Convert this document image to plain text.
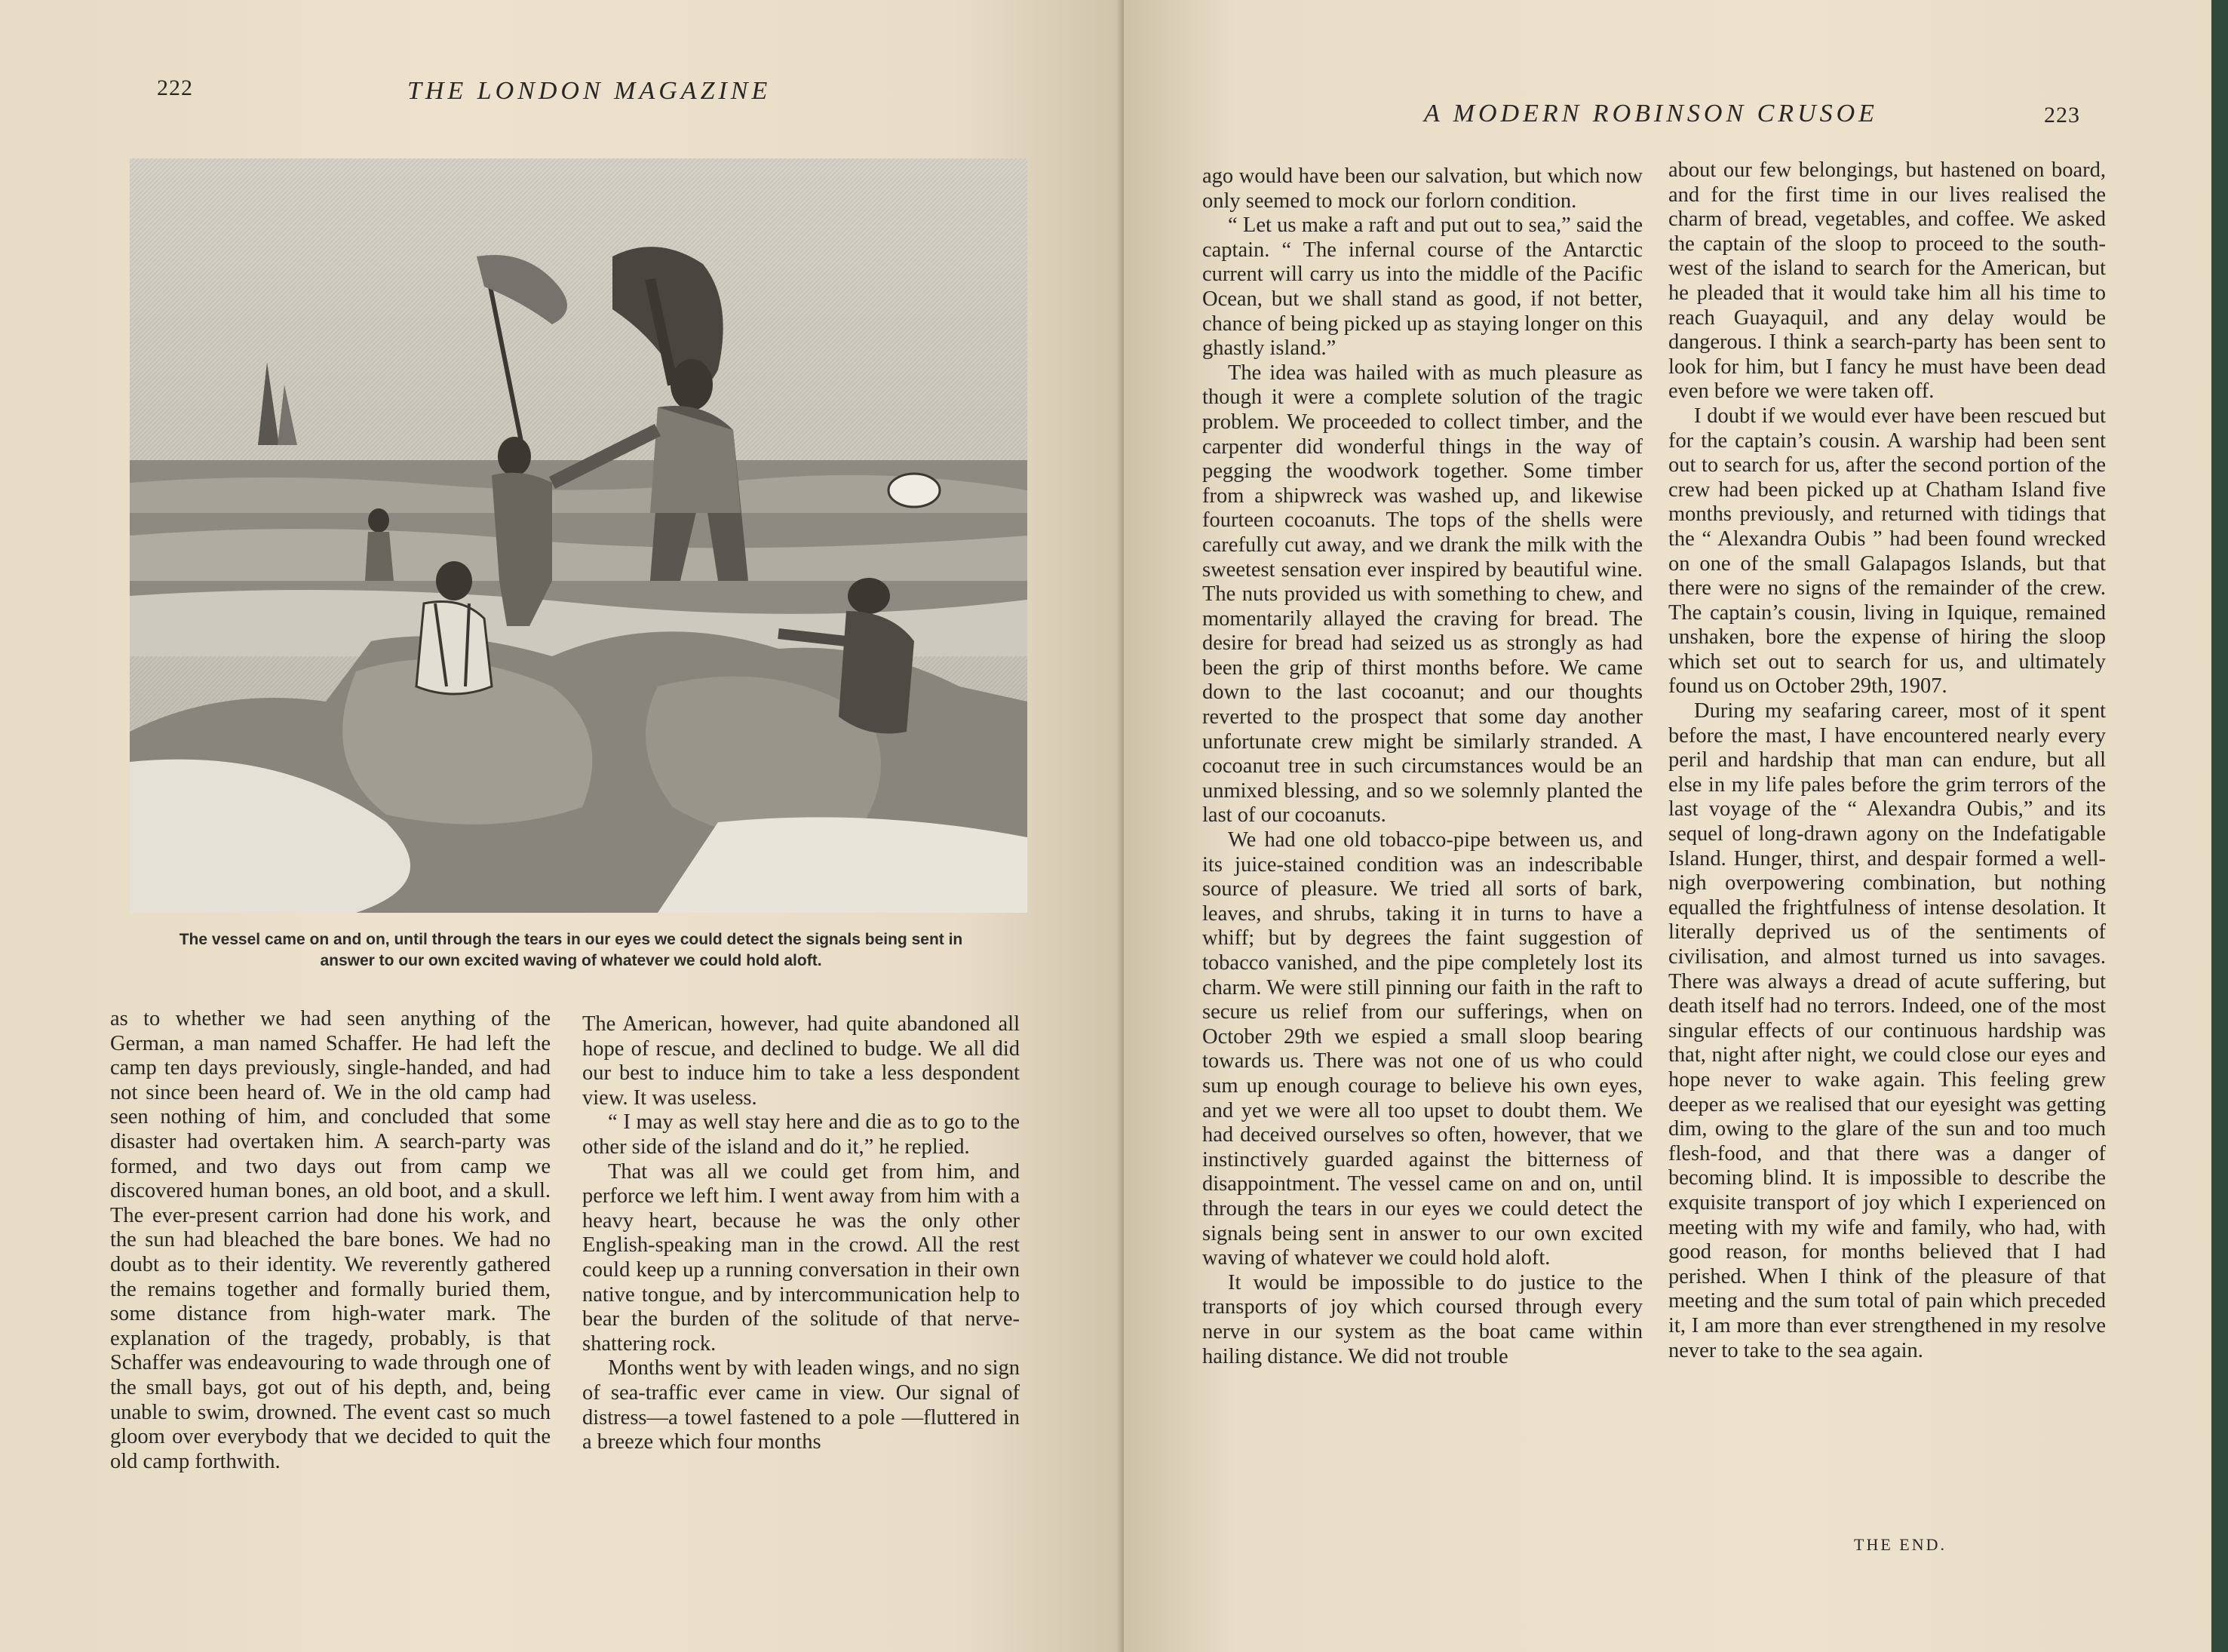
222	THE LONDON MAGAZINE
The vessel came on and on, until through the tears in our eyes we could detect the signals being sent in answer to our own excited waving of whatever we could hold aloft.

as to whether we had seen anything of the German, a man named Schaffer. He had left the camp ten days previously, single-handed, and had not since been heard of. We in the old camp had seen nothing of him, and concluded that some disaster had overtaken him. A search-party was formed, and two days out from camp we discovered human bones, an old boot, and a skull. The ever-present carrion had done his work, and the sun had bleached the bare bones. We had no doubt as to their identity. We reverently gathered the remains together and formally buried them, some distance from high-water mark. The explanation of the tragedy, probably, is that Schaffer was endeavouring to wade through one of the small bays, got out of his depth, and, being unable to swim, drowned. The event cast so much gloom over everybody that we decided to quit the old camp forthwith.

The American, however, had quite abandoned all hope of rescue, and declined to budge. We all did our best to induce him to take a less despondent view. It was useless.

“ I may as well stay here and die as to go to the other side of the island and do it,” he replied.

That was all we could get from him, and perforce we left him. I went away from him with a heavy heart, because he was the only other English-speaking man in the crowd. All the rest could keep up a running conversation in their own native tongue, and by intercommunication help to bear the burden of the solitude of that nerve-shattering rock.

Months went by with leaden wings, and no sign of sea-traffic ever came in view. Our signal of distress—a towel fastened to a pole —fluttered in a breeze which four months

A MODERN ROBINSON CRUSOE	223

ago would have been our salvation, but which now only seemed to mock our forlorn condition.

“ Let us make a raft and put out to sea,” said the captain. “ The infernal course of the Antarctic current will carry us into the middle of the Pacific Ocean, but we shall stand as good, if not better, chance of being picked up as staying longer on this ghastly island.”

The idea was hailed with as much pleasure as though it were a complete solution of the tragic problem. We proceeded to collect timber, and the carpenter did wonderful things in the way of pegging the woodwork together. Some timber from a shipwreck was washed up, and likewise fourteen cocoanuts. The tops of the shells were carefully cut away, and we drank the milk with the sweetest sensation ever inspired by beautiful wine. The nuts provided us with something to chew, and momentarily allayed the craving for bread. The desire for bread had seized us as strongly as had been the grip of thirst months before. We came down to the last cocoanut; and our thoughts reverted to the prospect that some day another unfortunate crew might be similarly stranded. A cocoanut tree in such circumstances would be an unmixed blessing, and so we solemnly planted the last of our cocoanuts.

We had one old tobacco-pipe between us, and its juice-stained condition was an indescribable source of pleasure. We tried all sorts of bark, leaves, and shrubs, taking it in turns to have a whiff; but by degrees the faint suggestion of tobacco vanished, and the pipe completely lost its charm. We were still pinning our faith in the raft to secure us relief from our sufferings, when on October 29th we espied a small sloop bearing towards us. There was not one of us who could sum up enough courage to believe his own eyes, and yet we were all too upset to doubt them. We had deceived ourselves so often, however, that we instinctively guarded against the bitterness of disappointment. The vessel came on and on, until through the tears in our eyes we could detect the signals being sent in answer to our own excited waving of whatever we could hold aloft.

It would be impossible to do justice to the transports of joy which coursed through every nerve in our system as the boat came within hailing distance. We did not trouble

about our few belongings, but hastened on board, and for the first time in our lives realised the charm of bread, vegetables, and coffee. We asked the captain of the sloop to proceed to the south-west of the island to search for the American, but he pleaded that it would take him all his time to reach Guayaquil, and any delay would be dangerous. I think a search-party has been sent to look for him, but I fancy he must have been dead even before we were taken off.

I doubt if we would ever have been rescued but for the captain’s cousin. A warship had been sent out to search for us, after the second portion of the crew had been picked up at Chatham Island five months previously, and returned with tidings that the “ Alexandra Oubis ” had been found wrecked on one of the small Galapagos Islands, but that there were no signs of the remainder of the crew. The captain’s cousin, living in Iquique, remained unshaken, bore the expense of hiring the sloop which set out to search for us, and ultimately found us on October 29th, 1907.

During my seafaring career, most of it spent before the mast, I have encountered nearly every peril and hardship that man can endure, but all else in my life pales before the grim terrors of the last voyage of the “ Alexandra Oubis,” and its sequel of long-drawn agony on the Indefatigable Island. Hunger, thirst, and despair formed a well-nigh overpowering combination, but nothing equalled the frightfulness of intense desolation. It literally deprived us of the sentiments of civilisation, and almost turned us into savages. There was always a dread of acute suffering, but death itself had no terrors. Indeed, one of the most singular effects of our continuous hardship was that, night after night, we could close our eyes and hope never to wake again. This feeling grew deeper as we realised that our eyesight was getting dim, owing to the glare of the sun and too much flesh-food, and that there was a danger of becoming blind. It is impossible to describe the exquisite transport of joy which I experienced on meeting with my wife and family, who had, with good reason, for months believed that I had perished. When I think of the pleasure of that meeting and the sum total of pain which preceded it, I am more than ever strengthened in my resolve never to take to the sea again.

THE END.
